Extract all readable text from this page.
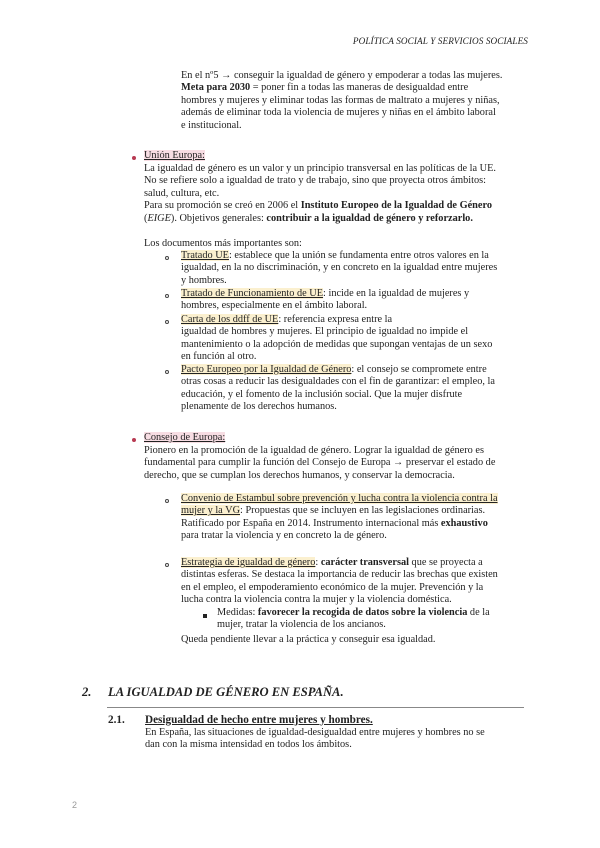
POLÍTICA SOCIAL Y SERVICIOS SOCIALES
En el nº5 → conseguir la igualdad de género y empoderar a todas las mujeres.
Meta para 2030 = poner fin a todas las maneras de desigualdad entre
hombres y mujeres y eliminar todas las formas de maltrato a mujeres y niñas,
además de eliminar toda la violencia de mujeres y niñas en el ámbito laboral
e institucional.
Unión Europa:
La igualdad de género es un valor y un principio transversal en las políticas de la UE.
No se refiere solo a igualdad de trato y de trabajo, sino que proyecta otros ámbitos:
salud, cultura, etc.
Para su promoción se creó en 2006 el Instituto Europeo de la Igualdad de Género
(EIGE). Objetivos generales: contribuir a la igualdad de género y reforzarlo.
Los documentos más importantes son:
Tratado UE: establece que la unión se fundamenta entre otros valores en la
igualdad, en la no discriminación, y en concreto en la igualdad entre mujeres
y hombres.
Tratado de Funcionamiento de UE: incide en la igualdad de mujeres y
hombres, especialmente en el ámbito laboral.
Carta de los ddff de UE: referencia expresa entre la
igualdad de hombres y mujeres. El principio de igualdad no impide el
mantenimiento o la adopción de medidas que supongan ventajas de un sexo
en función al otro.
Pacto Europeo por la Igualdad de Género: el consejo se compromete entre
otras cosas a reducir las desigualdades con el fin de garantizar: el empleo, la
educación, y el fomento de la inclusión social. Que la mujer disfrute
plenamente de los derechos humanos.
Consejo de Europa:
Pionero en la promoción de la igualdad de género. Lograr la igualdad de género es
fundamental para cumplir la función del Consejo de Europa → preservar el estado de
derecho, que se cumplan los derechos humanos, y conservar la democracia.
Convenio de Estambul sobre prevención y lucha contra la violencia contra la
mujer y la VG: Propuestas que se incluyen en las legislaciones ordinarias.
Ratificado por España en 2014. Instrumento internacional más exhaustivo
para tratar la violencia y en concreto la de género.
Estrategia de igualdad de género: carácter transversal que se proyecta a
distintas esferas. Se destaca la importancia de reducir las brechas que existen
en el empleo, el empoderamiento económico de la mujer. Prevención y la
lucha contra la violencia contra la mujer y la violencia doméstica.
Medidas: favorecer la recogida de datos sobre la violencia de la
mujer, tratar la violencia de los ancianos.
Queda pendiente llevar a la práctica y conseguir esa igualdad.
2. LA IGUALDAD DE GÉNERO EN ESPAÑA.
2.1. Desigualdad de hecho entre mujeres y hombres.
En España, las situaciones de igualdad-desigualdad entre mujeres y hombres no se
dan con la misma intensidad en todos los ámbitos.
2
